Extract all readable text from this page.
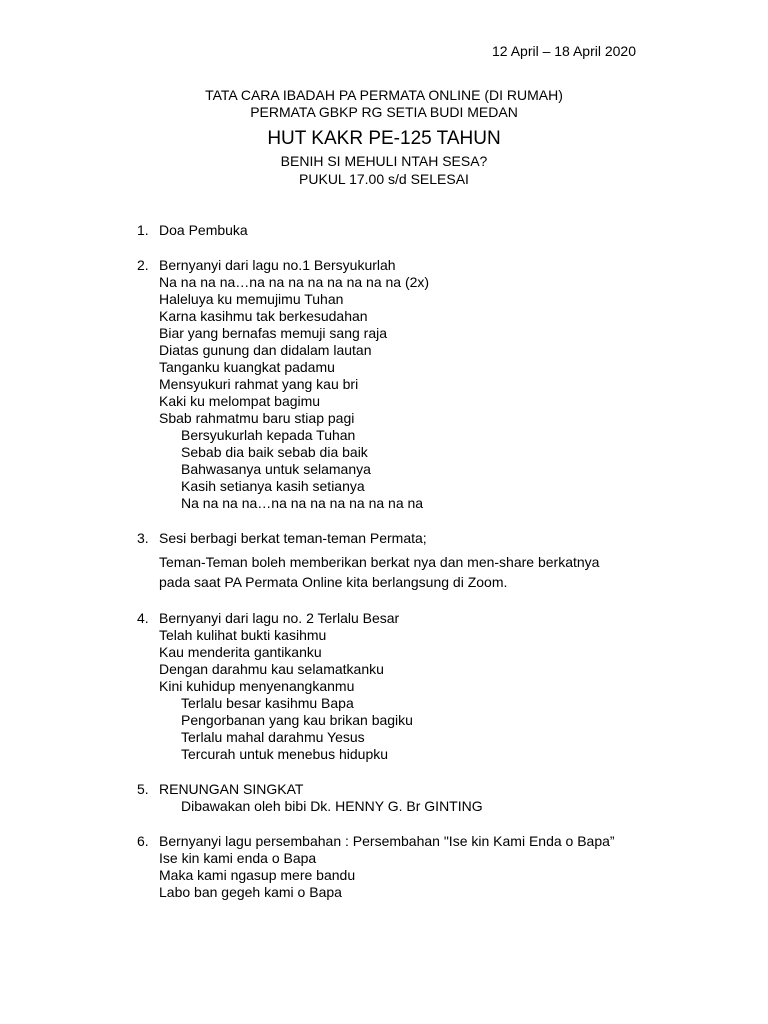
12 April – 18 April 2020
TATA CARA IBADAH PA PERMATA ONLINE (DI RUMAH)
PERMATA GBKP RG SETIA BUDI MEDAN
HUT KAKR PE-125 TAHUN
BENIH SI MEHULI NTAH SESA?
PUKUL 17.00 s/d SELESAI
1. Doa Pembuka
2. Bernyanyi dari lagu no.1 Bersyukurlah
Na na na na…na na na na na na na na (2x)
Haleluya ku memujimu Tuhan
Karna kasihmu tak berkesudahan
Biar yang bernafas memuji sang raja
Diatas gunung dan didalam lautan
Tanganku kuangkat padamu
Mensyukuri rahmat yang kau bri
Kaki ku melompat bagimu
Sbab rahmatmu baru stiap pagi
Bersyukurlah kepada Tuhan
Sebab dia baik sebab dia baik
Bahwasanya untuk selamanya
Kasih setianya kasih setianya
Na na na na…na na na na na na na na
3. Sesi berbagi berkat teman-teman Permata;
Teman-Teman boleh memberikan berkat nya dan men-share berkatnya
pada saat PA Permata Online kita berlangsung di Zoom.
4. Bernyanyi dari lagu no. 2 Terlalu Besar
Telah kulihat bukti kasihmu
Kau menderita gantikanku
Dengan darahmu kau selamatkanku
Kini kuhidup menyenangkanmu
Terlalu besar kasihmu Bapa
Pengorbanan yang kau brikan bagiku
Terlalu mahal darahmu Yesus
Tercurah untuk menebus hidupku
5. RENUNGAN SINGKAT
Dibawakan oleh bibi Dk. HENNY G. Br GINTING
6. Bernyanyi lagu persembahan : Persembahan "Ise kin Kami Enda o Bapa”
Ise kin kami enda o Bapa
Maka kami ngasup mere bandu
Labo ban gegeh kami o Bapa
